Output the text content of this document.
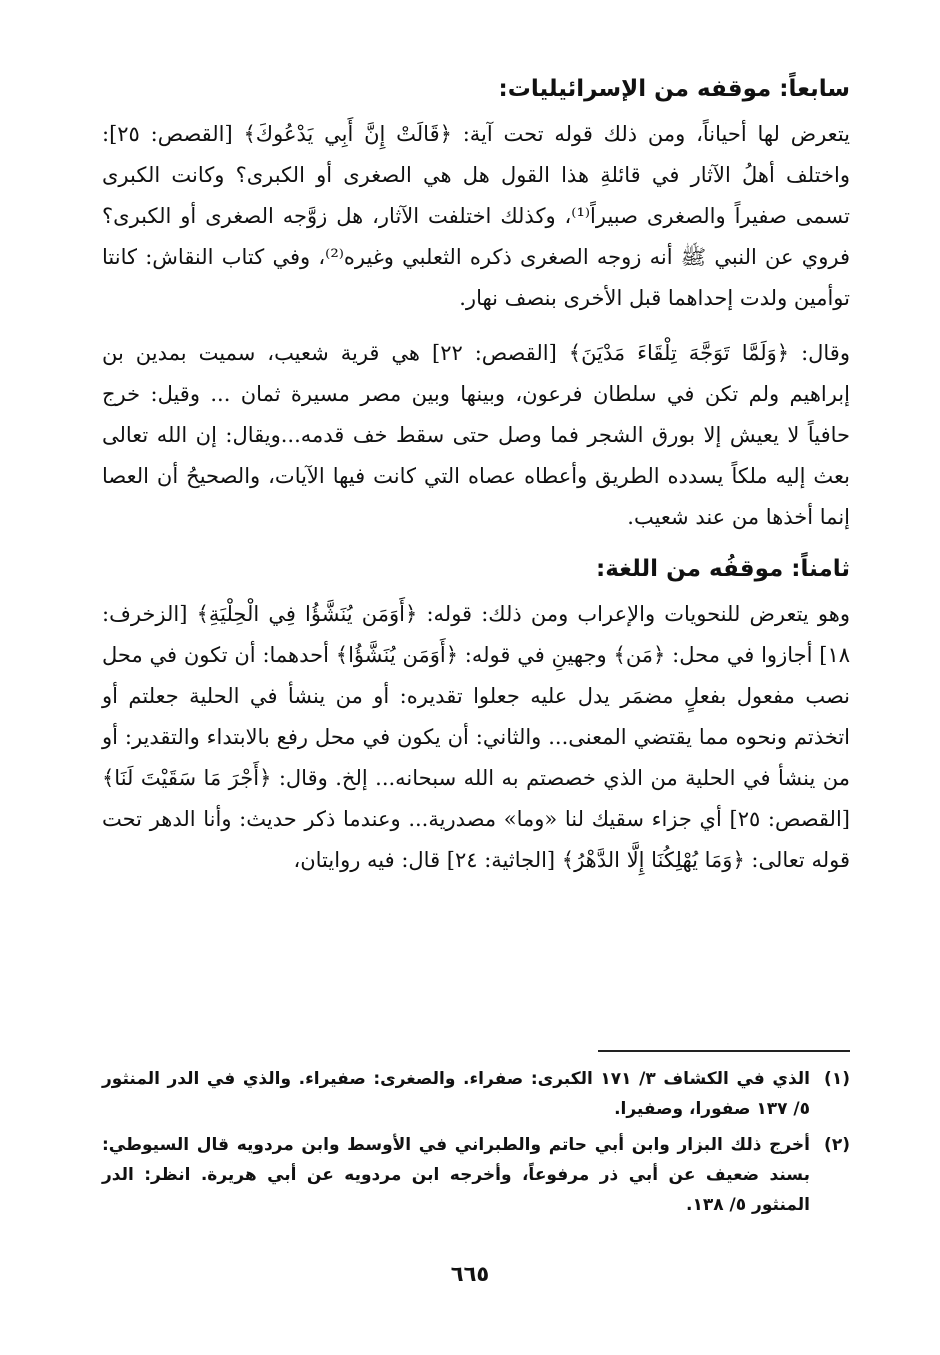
سابعاً: موقفه من الإسرائيليات:

يتعرض لها أحياناً، ومن ذلك قوله تحت آية: ﴿قَالَتْ إِنَّ أَبِي يَدْعُوكَ﴾ [القصص: ٢٥]: واختلف أهلُ الآثار في قائلةِ هذا القول هل هي الصغرى أو الكبرى؟ وكانت الكبرى تسمى صفيراً والصغرى صبيراً⁽¹⁾، وكذلك اختلفت الآثار، هل زوَّجه الصغرى أو الكبرى؟ فروي عن النبي ﷺ أنه زوجه الصغرى ذكره الثعلبي وغيره⁽²⁾، وفي كتاب النقاش: كانتا توأمين ولدت إحداهما قبل الأخرى بنصف نهار.

وقال: ﴿وَلَمَّا تَوَجَّهَ تِلْقَاءَ مَدْيَنَ﴾ [القصص: ٢٢] هي قرية شعيب، سميت بمدين بن إبراهيم ولم تكن في سلطان فرعون، وبينها وبين مصر مسيرة ثمان ... وقيل: خرج حافياً لا يعيش إلا بورق الشجر فما وصل حتى سقط خف قدمه...ويقال: إن الله تعالى بعث إليه ملكاً يسدده الطريق وأعطاه عصاه التي كانت فيها الآيات، والصحيحُ أن العصا إنما أخذها من عند شعيب.

ثامناً: موقفُه من اللغة:

وهو يتعرض للنحويات والإعراب ومن ذلك: قوله: ﴿أَوَمَن يُنَشَّؤُا فِي الْحِلْيَةِ﴾ [الزخرف: ١٨] أجازوا في محل: ﴿مَن﴾ وجهينِ في قوله: ﴿أَوَمَن يُنَشَّؤُا﴾ أحدهما: أن تكون في محل نصب مفعول بفعلٍ مضمَر يدل عليه جعلوا تقديره: أو من ينشأ في الحلية جعلتم أو اتخذتم ونحوه مما يقتضي المعنى... والثاني: أن يكون في محل رفع بالابتداء والتقدير: أو من ينشأ في الحلية من الذي خصصتم به الله سبحانه... إلخ. وقال: ﴿أَجْرَ مَا سَقَيْتَ لَنَا﴾ [القصص: ٢٥] أي جزاء سقيك لنا «وما» مصدرية... وعندما ذكر حديث: وأنا الدهر تحت قوله تعالى: ﴿وَمَا يُهْلِكُنَا إِلَّا الدَّهْرُ﴾ [الجاثية: ٢٤] قال: فيه روايتان،

(١)
الذي في الكشاف ٣/ ١٧١ الكبرى: صفراء. والصغرى: صفيراء. والذي في الدر المنثور ٥/ ١٣٧ صفورا، وصفيرا.
(٢)
أخرج ذلك البزار وابن أبي حاتم والطبراني في الأوسط وابن مردويه قال السيوطي: بسند ضعيف عن أبي ذر مرفوعاً، وأخرجه ابن مردويه عن أبي هريرة. انظر: الدر المنثور ٥/ ١٣٨.
٦٦٥
